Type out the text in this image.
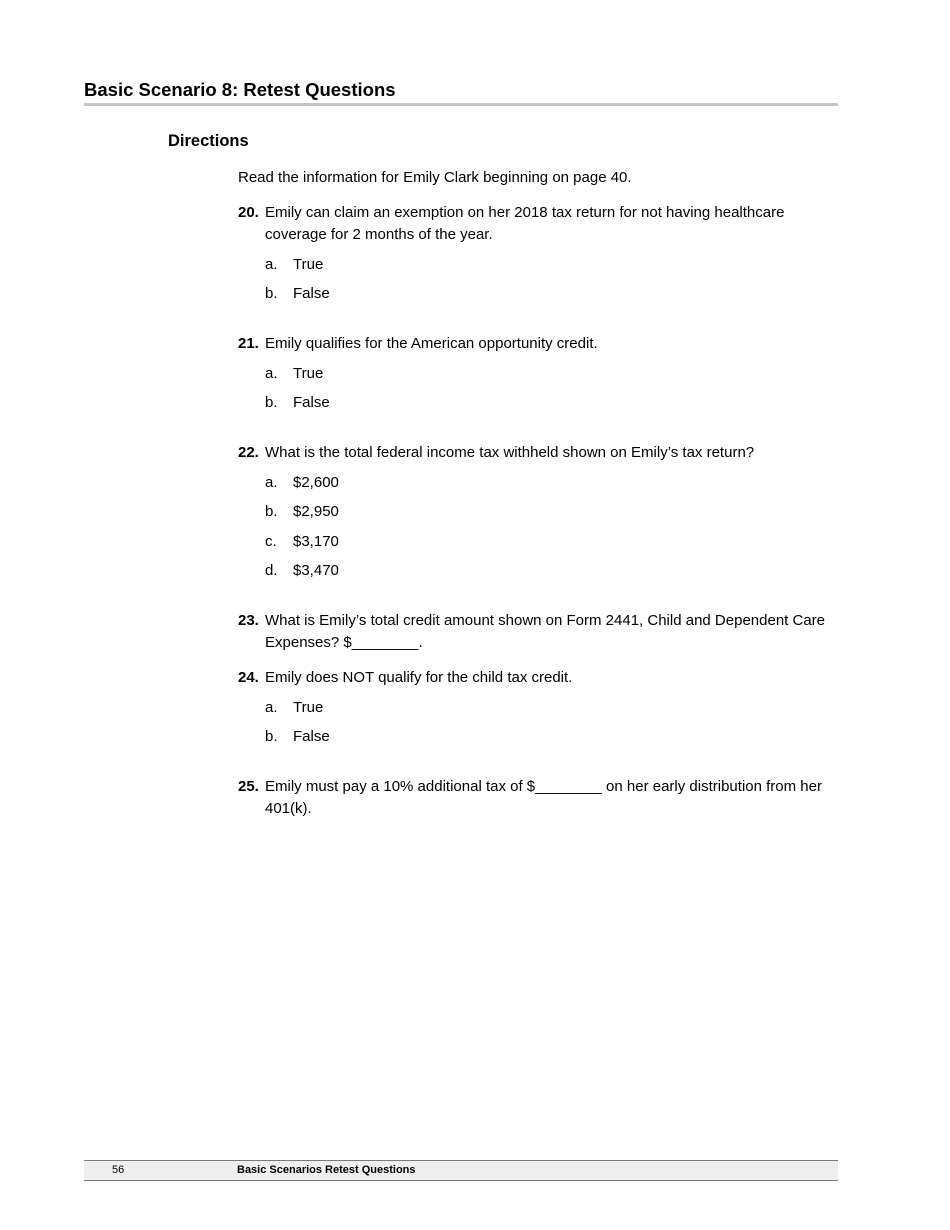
Basic Scenario 8: Retest Questions
Directions

Read the information for Emily Clark beginning on page 40.

20. Emily can claim an exemption on her 2018 tax return for not having healthcare coverage for 2 months of the year.

a. True
b. False
21. Emily qualifies for the American opportunity credit.

a. True
b. False
22. What is the total federal income tax withheld shown on Emily’s tax return?

a. $2,600
b. $2,950
c. $3,170
d. $3,470
23. What is Emily’s total credit amount shown on Form 2441, Child and Dependent Care Expenses? $________.

24. Emily does NOT qualify for the child tax credit.

a. True
b. False
25. Emily must pay a 10% additional tax of $________ on her early distribution from her 401(k).

56	Basic Scenarios Retest Questions
